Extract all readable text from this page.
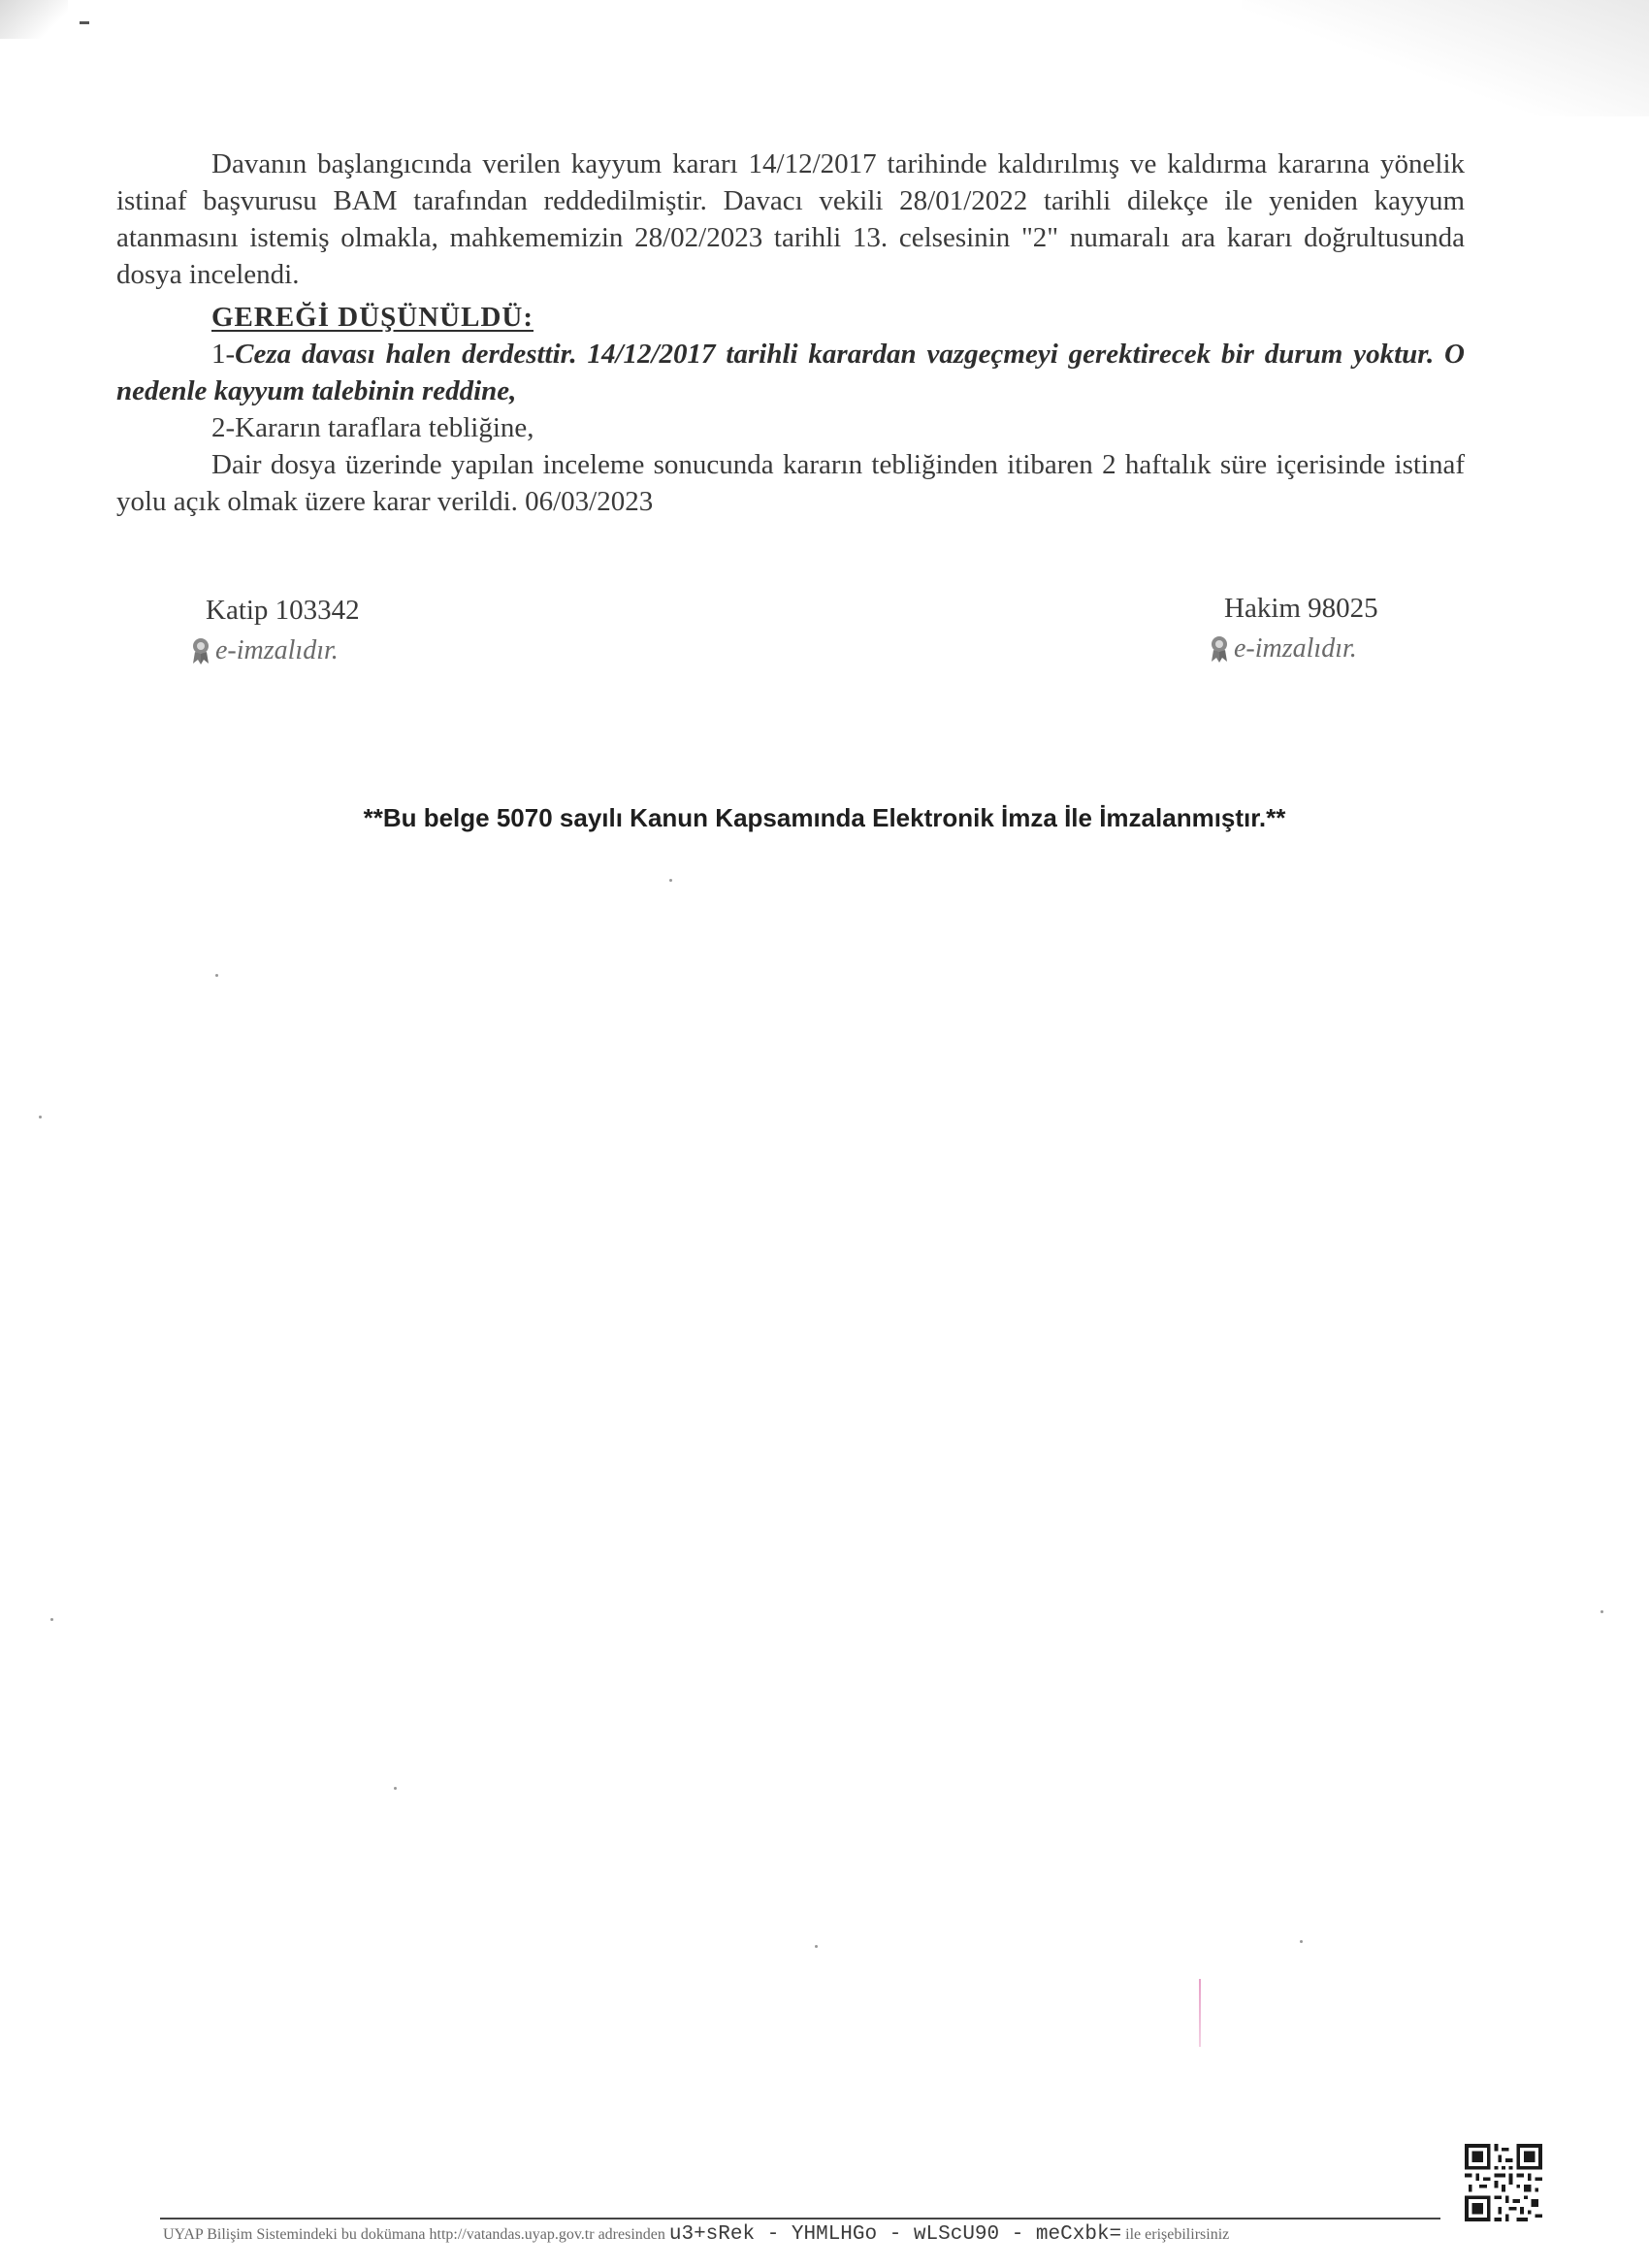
Davanın başlangıcında verilen kayyum kararı 14/12/2017 tarihinde kaldırılmış ve kaldırma kararına yönelik istinaf başvurusu BAM tarafından reddedilmiştir. Davacı vekili 28/01/2022 tarihli dilekçe ile yeniden kayyum atanmasını istemiş olmakla, mahkememizin 28/02/2023 tarihli 13. celsesinin "2" numaralı ara kararı doğrultusunda dosya incelendi.

GEREĞİ DÜŞÜNÜLDÜ:

1-Ceza davası halen derdesttir. 14/12/2017 tarihli karardan vazgeçmeyi gerektirecek bir durum yoktur. O nedenle kayyum talebinin reddine,

2-Kararın taraflara tebliğine,

Dair dosya üzerinde yapılan inceleme sonucunda kararın tebliğinden itibaren 2 haftalık süre içerisinde istinaf yolu açık olmak üzere karar verildi. 06/03/2023

Katip 103342
e-imzalıdır.
Hakim 98025
e-imzalıdır.
**Bu belge 5070 sayılı Kanun Kapsamında Elektronik İmza İle İmzalanmıştır.**
UYAP Bilişim Sistemindeki bu dokümana http://vatandas.uyap.gov.tr adresinden u3+sRek - YHMLHGo - wLScU90 - meCxbk= ile erişebilirsiniz
